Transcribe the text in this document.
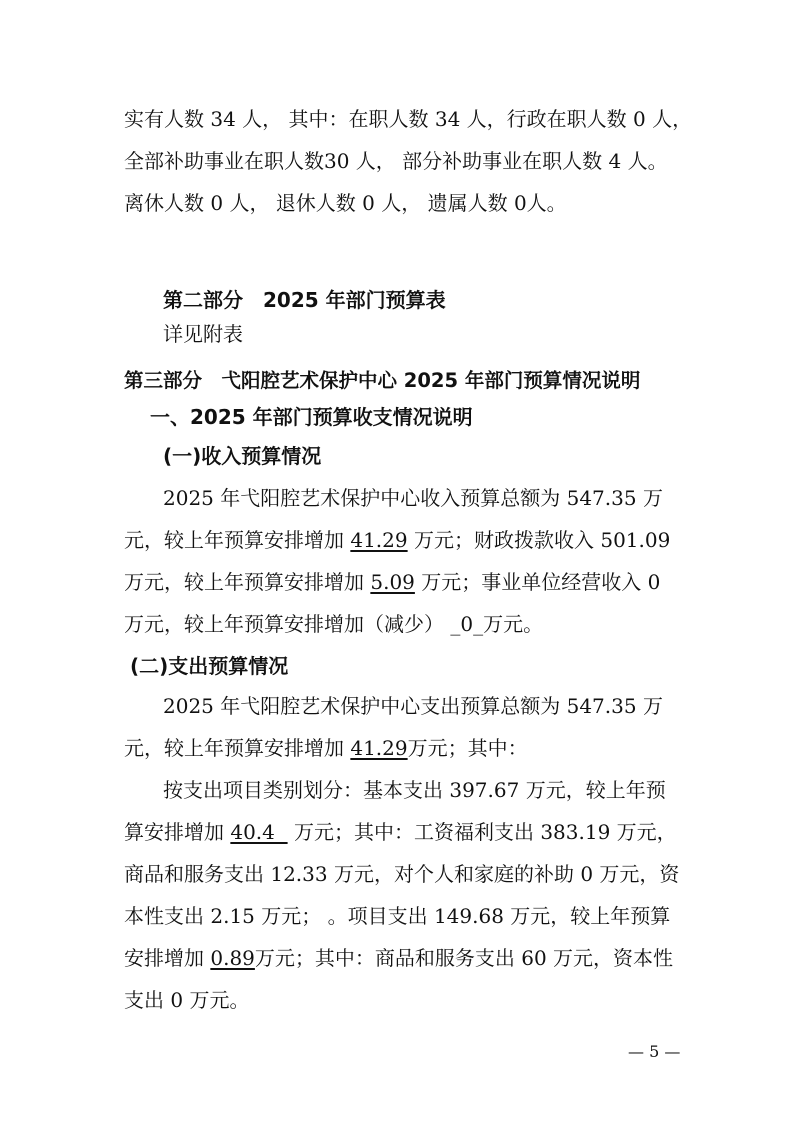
实有人数 34 人， 其中：在职人数 34 人，行政在职人数 0 人，
全部补助事业在职人数30 人， 部分补助事业在职人数 4 人。
离休人数 0 人， 退休人数 0 人， 遗属人数 0人。
第二部分　2025 年部门预算表
详见附表
第三部分　弋阳腔艺术保护中心 2025 年部门预算情况说明
一、2025 年部门预算收支情况说明
(一)收入预算情况
2025 年弋阳腔艺术保护中心收入预算总额为 547.35 万
元，较上年预算安排增加 41.29 万元；财政拨款收入 501.09
万元，较上年预算安排增加 5.09 万元；事业单位经营收入 0
万元，较上年预算安排增加（减少） _0_万元。
(二)支出预算情况
2025 年弋阳腔艺术保护中心支出预算总额为 547.35 万
元，较上年预算安排增加 41.29万元；其中：
按支出项目类别划分：基本支出 397.67 万元，较上年预
算安排增加 40.4   万元；其中：工资福利支出 383.19 万元，
商品和服务支出 12.33 万元，对个人和家庭的补助 0 万元，资
本性支出 2.15 万元； 。项目支出 149.68 万元，较上年预算
安排增加 0.89万元；其中：商品和服务支出 60 万元，资本性
支出 0 万元。
— 5 —
